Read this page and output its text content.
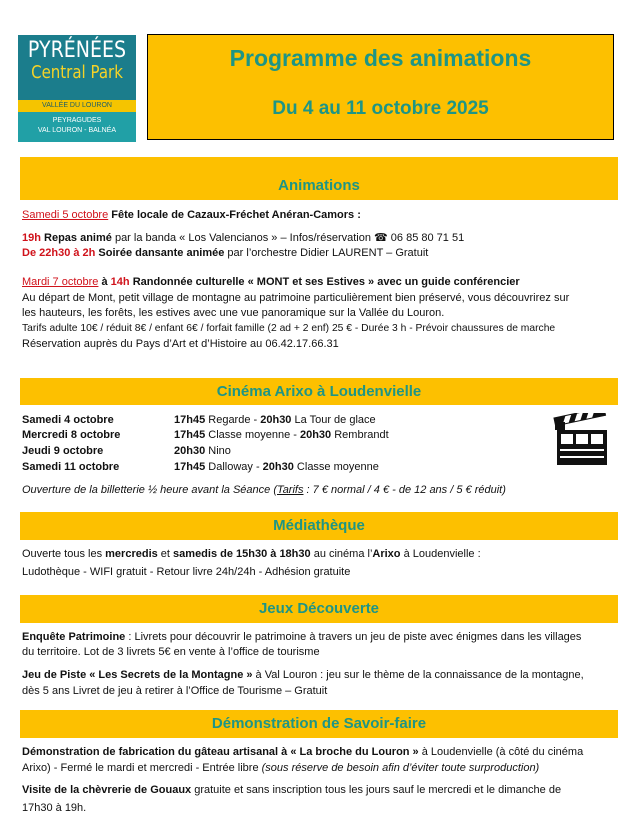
PYRÉNÉES
Central Park
VALLÉE DU LOURON
PEYRAGUDES
VAL LOURON - BALNÉA
Programme des animations
Du 4 au 11 octobre 2025
Animations
Samedi 5 octobre Fête locale de Cazaux-Fréchet Anéran-Camors :
19h Repas animé par la banda « Los Valencianos » – Infos/réservation ☎ 06 85 80 71 51
De 22h30 à 2h Soirée dansante animée par l’orchestre Didier LAURENT – Gratuit
Mardi 7 octobre à 14h Randonnée culturelle « MONT et ses Estives » avec un guide conférencier
Au départ de Mont, petit village de montagne au patrimoine particulièrement bien préservé, vous découvrirez sur
les hauteurs, les forêts, les estives avec une vue panoramique sur la Vallée du Louron.
Tarifs adulte 10€ / réduit 8€ / enfant 6€ / forfait famille (2 ad + 2 enf) 25 € - Durée 3 h - Prévoir chaussures de marche
Réservation auprès du Pays d’Art et d’Histoire au 06.42.17.66.31
Cinéma Arixo à Loudenvielle
Samedi 4 octobre	17h45 Regarde - 20h30 La Tour de glace
Mercredi 8 octobre	17h45 Classe moyenne - 20h30 Rembrandt
Jeudi 9 octobre	20h30 Nino
Samedi 11 octobre	17h45 Dalloway - 20h30 Classe moyenne
Ouverture de la billetterie ½ heure avant la Séance (Tarifs : 7 € normal / 4 € - de 12 ans / 5 € réduit)
Médiathèque
Ouverte tous les mercredis et samedis de 15h30 à 18h30 au cinéma l’Arixo à Loudenvielle :
Ludothèque - WIFI gratuit - Retour livre 24h/24h - Adhésion gratuite
Jeux Découverte
Enquête Patrimoine : Livrets pour découvrir le patrimoine à travers un jeu de piste avec énigmes dans les villages
du territoire. Lot de 3 livrets 5€ en vente à l’office de tourisme
Jeu de Piste « Les Secrets de la Montagne » à Val Louron : jeu sur le thème de la connaissance de la montagne,
dès 5 ans Livret de jeu à retirer à l’Office de Tourisme – Gratuit
Démonstration de Savoir-faire
Démonstration de fabrication du gâteau artisanal à « La broche du Louron » à Loudenvielle (à côté du cinéma
Arixo) - Fermé le mardi et mercredi - Entrée libre (sous réserve de besoin afin d’éviter toute surproduction)
Visite de la chèvrerie de Gouaux gratuite et sans inscription tous les jours sauf le mercredi et le dimanche de
17h30 à 19h.
